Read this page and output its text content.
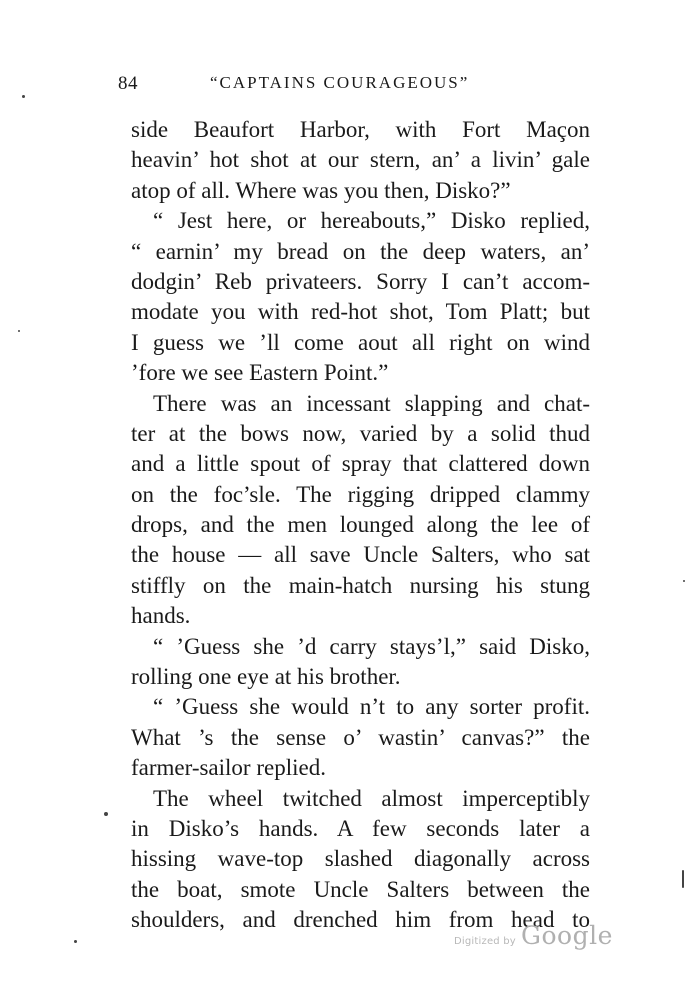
84	“CAPTAINS COURAGEOUS”
side Beaufort Harbor, with Fort Maçon
heavin’ hot shot at our stern, an’ a livin’ gale
atop of all. Where was you then, Disko?”
“ Jest here, or hereabouts,” Disko replied,
“ earnin’ my bread on the deep waters, an’
dodgin’ Reb privateers. Sorry I can’t accom-
modate you with red-hot shot, Tom Platt; but
I guess we ’ll come aout all right on wind
’fore we see Eastern Point.”
There was an incessant slapping and chat-
ter at the bows now, varied by a solid thud
and a little spout of spray that clattered down
on the foc’sle. The rigging dripped clammy
drops, and the men lounged along the lee of
the house — all save Uncle Salters, who sat
stiffly on the main-hatch nursing his stung
hands.
“ ’Guess she ’d carry stays’l,” said Disko,
rolling one eye at his brother.
“ ’Guess she would n’t to any sorter profit.
What ’s the sense o’ wastin’ canvas?” the
farmer-sailor replied.
The wheel twitched almost imperceptibly
in Disko’s hands. A few seconds later a
hissing wave-top slashed diagonally across
the boat, smote Uncle Salters between the
shoulders, and drenched him from head to
Digitized by Google
